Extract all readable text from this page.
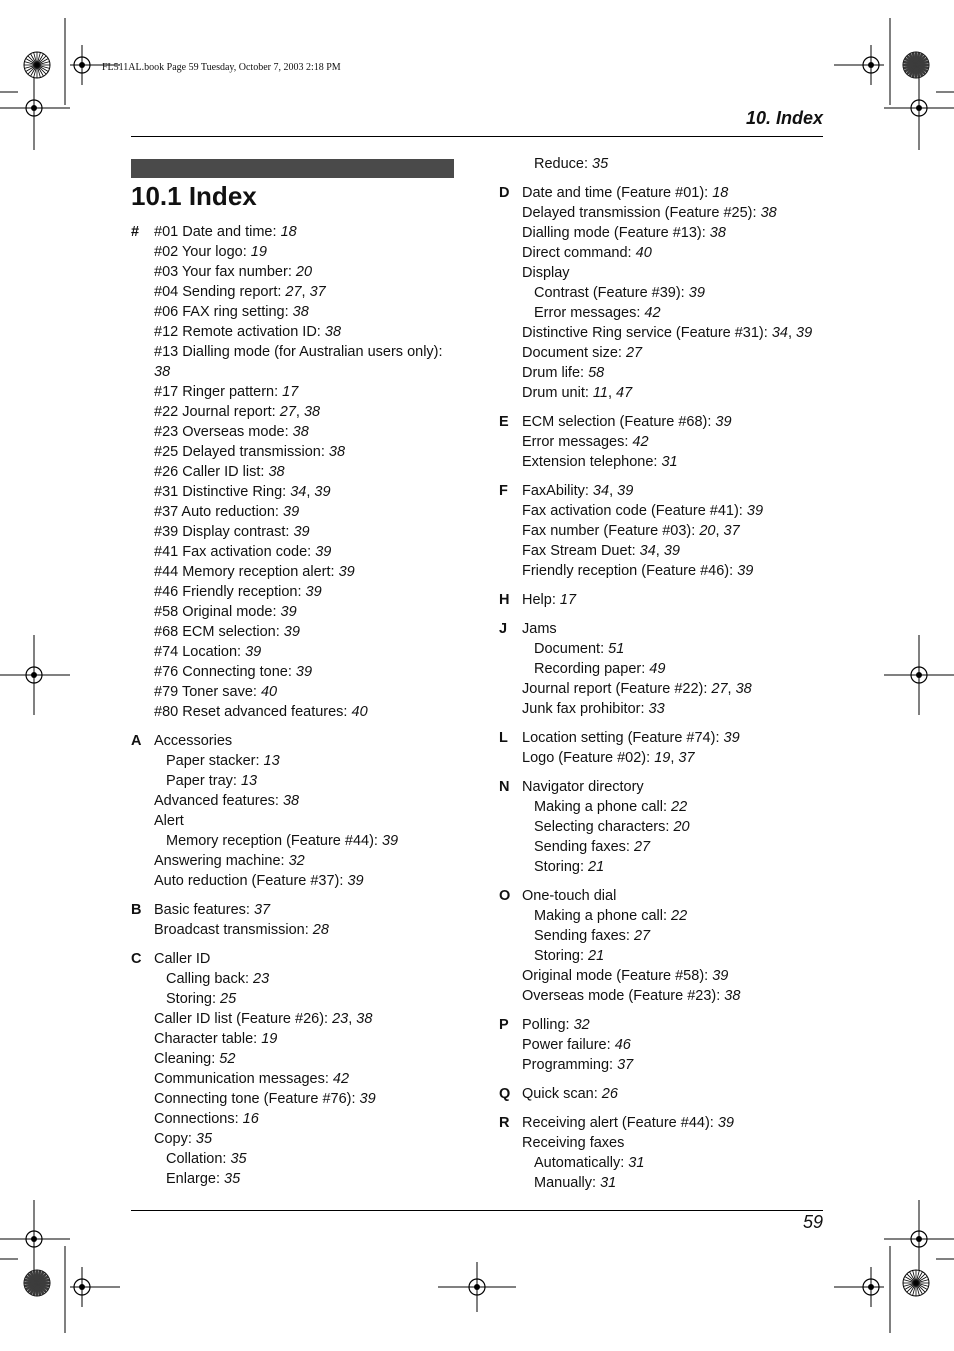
FL511AL.book Page 59 Tuesday, October 7, 2003 2:18 PM
10. Index
10.1 Index
# #01 Date and time: 18
#02 Your logo: 19
#03 Your fax number: 20
#04 Sending report: 27, 37
#06 FAX ring setting: 38
#12 Remote activation ID: 38
#13 Dialling mode (for Australian users only):
38
#17 Ringer pattern: 17
#22 Journal report: 27, 38
#23 Overseas mode: 38
#25 Delayed transmission: 38
#26 Caller ID list: 38
#31 Distinctive Ring: 34, 39
#37 Auto reduction: 39
#39 Display contrast: 39
#41 Fax activation code: 39
#44 Memory reception alert: 39
#46 Friendly reception: 39
#58 Original mode: 39
#68 ECM selection: 39
#74 Location: 39
#76 Connecting tone: 39
#79 Toner save: 40
#80 Reset advanced features: 40
A Accessories
Paper stacker: 13
Paper tray: 13
Advanced features: 38
Alert
Memory reception (Feature #44): 39
Answering machine: 32
Auto reduction (Feature #37): 39
B Basic features: 37
Broadcast transmission: 28
C Caller ID
Calling back: 23
Storing: 25
Caller ID list (Feature #26): 23, 38
Character table: 19
Cleaning: 52
Communication messages: 42
Connecting tone (Feature #76): 39
Connections: 16
Copy: 35
Collation: 35
Enlarge: 35
Reduce: 35
D Date and time (Feature #01): 18
Delayed transmission (Feature #25): 38
Dialling mode (Feature #13): 38
Direct command: 40
Display
Contrast (Feature #39): 39
Error messages: 42
Distinctive Ring service (Feature #31): 34, 39
Document size: 27
Drum life: 58
Drum unit: 11, 47
E ECM selection (Feature #68): 39
Error messages: 42
Extension telephone: 31
F FaxAbility: 34, 39
Fax activation code (Feature #41): 39
Fax number (Feature #03): 20, 37
Fax Stream Duet: 34, 39
Friendly reception (Feature #46): 39
H Help: 17
J Jams
Document: 51
Recording paper: 49
Journal report (Feature #22): 27, 38
Junk fax prohibitor: 33
L Location setting (Feature #74): 39
Logo (Feature #02): 19, 37
N Navigator directory
Making a phone call: 22
Selecting characters: 20
Sending faxes: 27
Storing: 21
O One-touch dial
Making a phone call: 22
Sending faxes: 27
Storing: 21
Original mode (Feature #58): 39
Overseas mode (Feature #23): 38
P Polling: 32
Power failure: 46
Programming: 37
Q Quick scan: 26
R Receiving alert (Feature #44): 39
Receiving faxes
Automatically: 31
Manually: 31
59
